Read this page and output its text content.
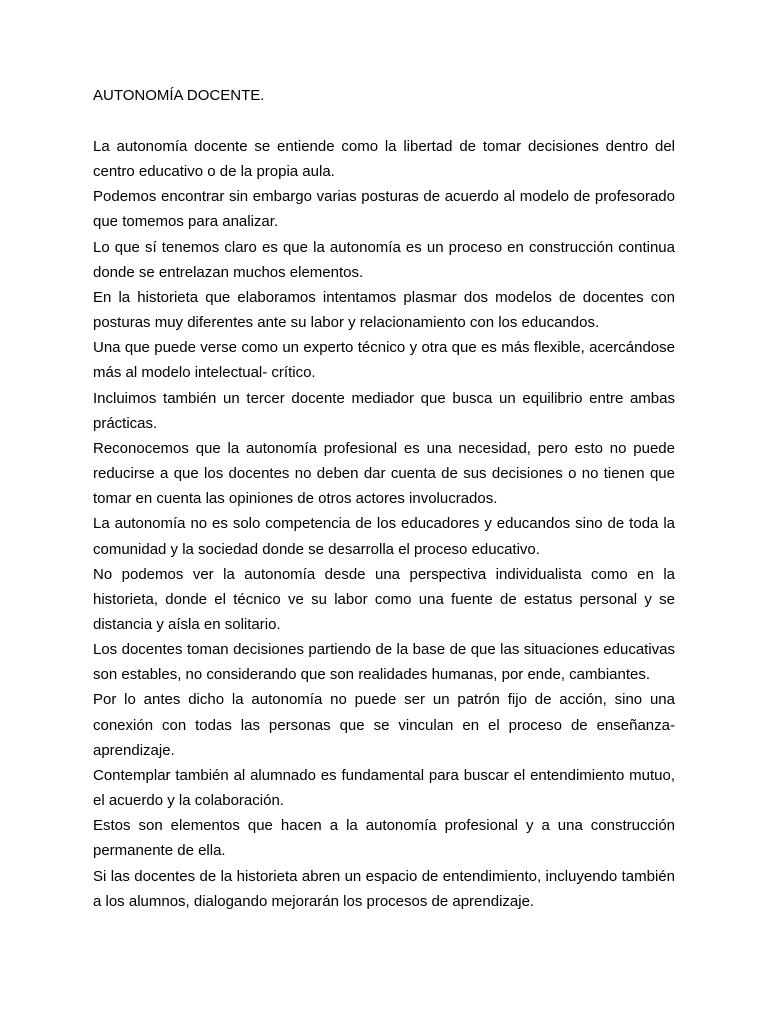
AUTONOMÍA DOCENTE.

La autonomía docente se entiende como la libertad de tomar decisiones dentro del centro educativo o de la propia aula.

Podemos encontrar sin embargo varias posturas de acuerdo al modelo de profesorado que tomemos para analizar.

Lo que sí tenemos claro es que la autonomía es un proceso en construcción continua donde se entrelazan muchos elementos.

En la historieta que elaboramos intentamos plasmar dos modelos de docentes con posturas muy diferentes ante su labor y relacionamiento con los educandos.

Una que puede verse como un experto técnico y otra que es más flexible, acercándose más al modelo intelectual- crítico.

Incluimos también un tercer docente mediador que busca un equilibrio entre ambas prácticas.

Reconocemos que la autonomía profesional es una necesidad, pero esto no puede reducirse a que los docentes no deben dar cuenta de sus decisiones o no tienen que tomar en cuenta las opiniones de otros actores involucrados.

La autonomía no es solo competencia de los educadores y educandos sino de toda la comunidad y la sociedad donde se desarrolla el proceso educativo.

No podemos ver la autonomía desde una perspectiva individualista como en la historieta, donde el técnico ve su labor como una fuente de estatus personal y se distancia y aísla en solitario.

Los docentes toman decisiones partiendo de la base de que las situaciones educativas son estables, no considerando que son realidades humanas, por ende, cambiantes.

Por lo antes dicho la autonomía no puede ser un patrón fijo de acción, sino una conexión con todas las personas que se vinculan en el proceso de enseñanza-aprendizaje.

Contemplar también al alumnado es fundamental para buscar el entendimiento mutuo, el acuerdo y la colaboración.

Estos son elementos que hacen a la autonomía profesional y a una construcción permanente de ella.

Si las docentes de la historieta abren un espacio de entendimiento, incluyendo también a los alumnos, dialogando mejorarán los procesos de aprendizaje.
